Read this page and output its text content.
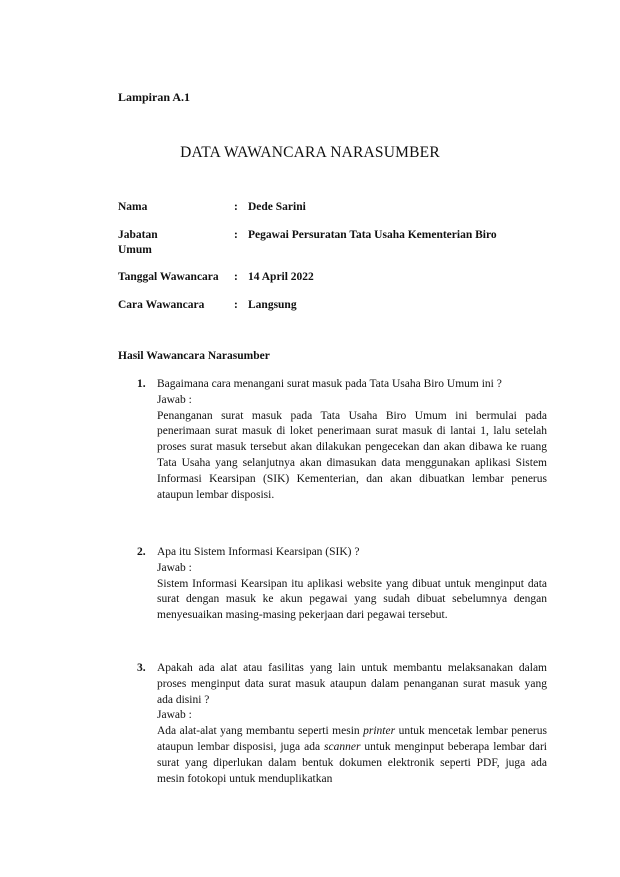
Lampiran A.1
DATA WAWANCARA NARASUMBER
Nama	: Dede Sarini
Jabatan	: Pegawai Persuratan Tata Usaha Kementerian Biro
Umum
Tanggal Wawancara : 14 April 2022
Cara Wawancara	: Langsung
Hasil Wawancara Narasumber
1. Bagaimana cara menangani surat masuk pada Tata Usaha Biro Umum ini ?
Jawab :
Penanganan surat masuk pada Tata Usaha Biro Umum ini bermulai pada penerimaan surat masuk di loket penerimaan surat masuk di lantai 1, lalu setelah proses surat masuk tersebut akan dilakukan pengecekan dan akan dibawa ke ruang Tata Usaha yang selanjutnya akan dimasukan data menggunakan aplikasi Sistem Informasi Kearsipan (SIK) Kementerian, dan akan dibuatkan lembar penerus ataupun lembar disposisi.
2. Apa itu Sistem Informasi Kearsipan (SIK) ?
Jawab :
Sistem Informasi Kearsipan itu aplikasi website yang dibuat untuk menginput data surat dengan masuk ke akun pegawai yang sudah dibuat sebelumnya dengan menyesuaikan masing-masing pekerjaan dari pegawai tersebut.
3. Apakah ada alat atau fasilitas yang lain untuk membantu melaksanakan dalam proses menginput data surat masuk ataupun dalam penanganan surat masuk yang ada disini ?
Jawab :
Ada alat-alat yang membantu seperti mesin printer untuk mencetak lembar penerus ataupun lembar disposisi, juga ada scanner untuk menginput beberapa lembar dari surat yang diperlukan dalam bentuk dokumen elektronik seperti PDF, juga ada mesin fotokopi untuk menduplikatkan
